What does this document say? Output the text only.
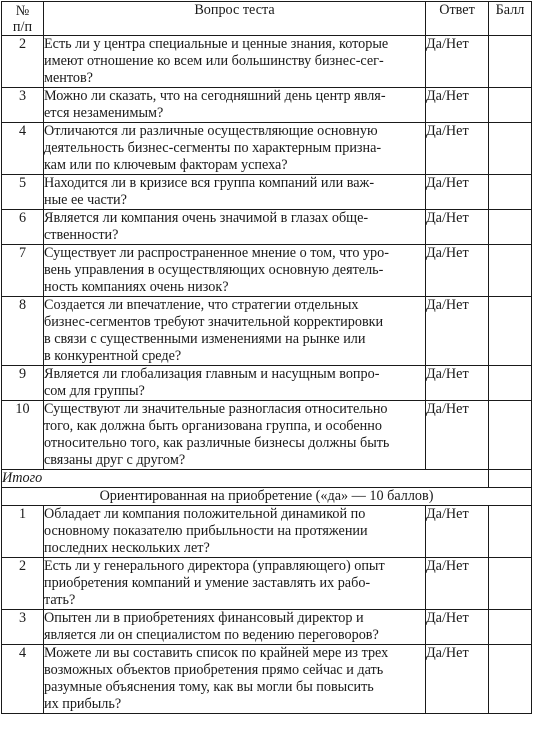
№
п/п	Вопрос теста	Ответ	Балл
2	Есть ли у центра специальные и ценные знания, которые
имеют отношение ко всем или большинству бизнес-сег-
ментов?	Да/Нет	
3	Можно ли сказать, что на сегодняшний день центр явля-
ется незаменимым?	Да/Нет	
4	Отличаются ли различные осуществляющие основную
деятельность бизнес-сегменты по характерным призна-
кам или по ключевым факторам успеха?	Да/Нет	
5	Находится ли в кризисе вся группа компаний или важ-
ные ее части?	Да/Нет	
6	Является ли компания очень значимой в глазах обще-
ственности?	Да/Нет	
7	Существует ли распространенное мнение о том, что уро-
вень управления в осуществляющих основную деятель-
ность компаниях очень низок?	Да/Нет	
8	Создается ли впечатление, что стратегии отдельных
бизнес-сегментов требуют значительной корректировки
в связи с существенными изменениями на рынке или
в конкурентной среде?	Да/Нет	
9	Является ли глобализация главным и насущным вопро-
сом для группы?	Да/Нет	
10	Существуют ли значительные разногласия относительно
того, как должна быть организована группа, и особенно
относительно того, как различные бизнесы должны быть
связаны друг с другом?	Да/Нет	
Итого			
Ориентированная на приобретение («да» — 10 баллов)			
1	Обладает ли компания положительной динамикой по
основному показателю прибыльности на протяжении
последних нескольких лет?	Да/Нет	
2	Есть ли у генерального директора (управляющего) опыт
приобретения компаний и умение заставлять их рабо-
тать?	Да/Нет	
3	Опытен ли в приобретениях финансовый директор и
является ли он специалистом по ведению переговоров?	Да/Нет	
4	Можете ли вы составить список по крайней мере из трех
возможных объектов приобретения прямо сейчас и дать
разумные объяснения тому, как вы могли бы повысить
их прибыль?	Да/Нет	
